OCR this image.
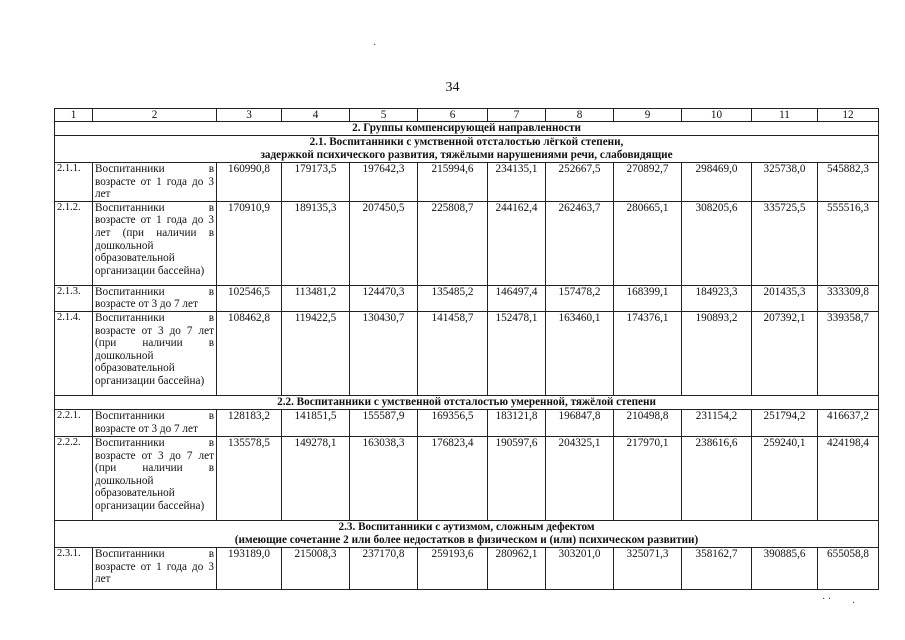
34
1	2	3	4	5	6	7	8	9	10	11	12
2. Группы компенсирующей направленности											

2.1. Воспитанники с умственной отсталостью лёгкой степени,
задержкой психического развития, тяжёлыми нарушениями речи, слабовидящие											

2.1.1.	Воспитанники в возрасте от 1 года до 3 лет	160990,8	179173,5	197642,3	215994,6	234135,1	252667,5	270892,7	298469,0	325738,0	545882,3
2.1.2.	Воспитанники в возрасте от 1 года до 3 лет (при наличии в дошкольной образовательной организации бассейна)	170910,9	189135,3	207450,5	225808,7	244162,4	262463,7	280665,1	308205,6	335725,5	555516,3
2.1.3.	Воспитанники в возрасте от 3 до 7 лет	102546,5	113481,2	124470,3	135485,2	146497,4	157478,2	168399,1	184923,3	201435,3	333309,8
2.1.4.	Воспитанники в возрасте от 3 до 7 лет (при наличии в дошкольной образовательной организации бассейна)	108462,8	119422,5	130430,7	141458,7	152478,1	163460,1	174376,1	190893,2	207392,1	339358,7

2.2. Воспитанники с умственной отсталостью умеренной, тяжёлой степени											

2.2.1.	Воспитанники в возрасте от 3 до 7 лет	128183,2	141851,5	155587,9	169356,5	183121,8	196847,8	210498,8	231154,2	251794,2	416637,2
2.2.2.	Воспитанники в возрасте от 3 до 7 лет (при наличии в дошкольной образовательной организации бассейна)	135578,5	149278,1	163038,3	176823,4	190597,6	204325,1	217970,1	238616,6	259240,1	424198,4

2.3. Воспитанники с аутизмом, сложным дефектом
(имеющие сочетание 2 или более недостатков в физическом и (или) психическом развитии)											

2.3.1.	Воспитанники в возрасте от 1 года до 3 лет	193189,0	215008,3	237170,8	259193,6	280962,1	303201,0	325071,3	358162,7	390885,6	655058,8
·
· · ·
